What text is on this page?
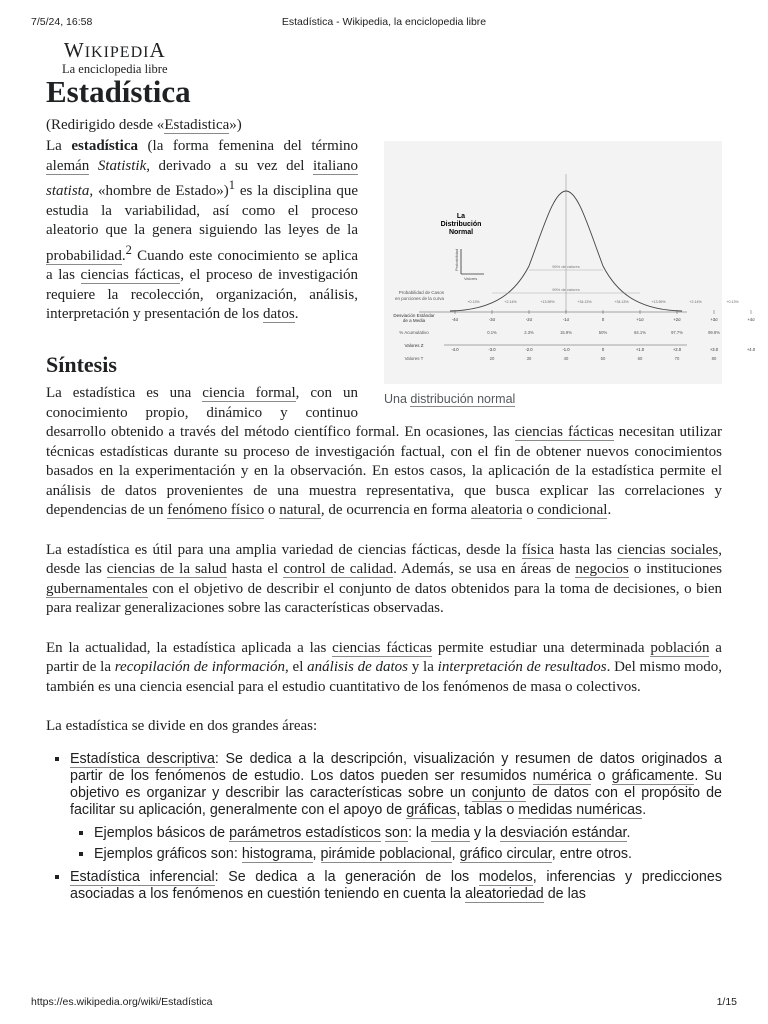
7/5/24, 16:58	Estadística - Wikipedia, la enciclopedia libre
WIKIPEDIA
La enciclopedia libre
Estadística
(Redirigido desde «Estadistica»)
La
Distribución
Normal
Probabilidad
Valores
95% de valores
99% de valores
Probabilidad de Casos
en porciones de la curva
+0.13%	+2.14%	+13.59%	+34.13%	+34.13%	+13.59%	+2.14%	+0.13%
Desviación Estándar
de a Media	-4σ	-3σ	-2σ	-1σ	0	+1σ	+2σ	+3σ	+4σ
% Acumulativo	0.1%	2.3%	15.9%	50%	84.1%	97.7%	99.9%
Valores Z
-4.0	-3.0	-2.0	-1.0	0	+1.0	+2.0	+3.0	+4.0
Valores T	20	30	40	50	60	70	80
Una distribución normal

La estadística (la forma femenina del término alemán Statistik, derivado a su vez del italiano statista, «hombre de Estado»)$^1$ es la disciplina que estudia la variabilidad, así como el proceso aleatorio que la genera siguiendo las leyes de la probabilidad.$^2$ Cuando este conocimiento se aplica a las ciencias fácticas, el proceso de investigación requiere la recolección, organización, análisis, interpretación y presentación de los datos.

Síntesis

La estadística es una ciencia formal, con un conocimiento propio, dinámico y continuo desarrollo obtenido a través del método científico formal. En ocasiones, las ciencias fácticas necesitan utilizar técnicas estadísticas durante su proceso de investigación factual, con el fin de obtener nuevos conocimientos basados en la experimentación y en la observación. En estos casos, la aplicación de la estadística permite el análisis de datos provenientes de una muestra representativa, que busca explicar las correlaciones y dependencias de un fenómeno físico o natural, de ocurrencia en forma aleatoria o condicional.

La estadística es útil para una amplia variedad de ciencias fácticas, desde la física hasta las ciencias sociales, desde las ciencias de la salud hasta el control de calidad. Además, se usa en áreas de negocios o instituciones gubernamentales con el objetivo de describir el conjunto de datos obtenidos para la toma de decisiones, o bien para realizar generalizaciones sobre las características observadas.

En la actualidad, la estadística aplicada a las ciencias fácticas permite estudiar una determinada población a partir de la recopilación de información, el análisis de datos y la interpretación de resultados. Del mismo modo, también es una ciencia esencial para el estudio cuantitativo de los fenómenos de masa o colectivos.

La estadística se divide en dos grandes áreas:

▪ Estadística descriptiva: Se dedica a la descripción, visualización y resumen de datos originados a partir de los fenómenos de estudio. Los datos pueden ser resumidos numérica o gráficamente. Su objetivo es organizar y describir las características sobre un conjunto de datos con el propósito de facilitar su aplicación, generalmente con el apoyo de gráficas, tablas o medidas numéricas.
▪ Ejemplos básicos de parámetros estadísticos son: la media y la desviación estándar.
▪ Ejemplos gráficos son: histograma, pirámide poblacional, gráfico circular, entre otros.
▪ Estadística inferencial: Se dedica a la generación de los modelos, inferencias y predicciones asociadas a los fenómenos en cuestión teniendo en cuenta la aleatoriedad de las
https://es.wikipedia.org/wiki/Estadística	1/15
